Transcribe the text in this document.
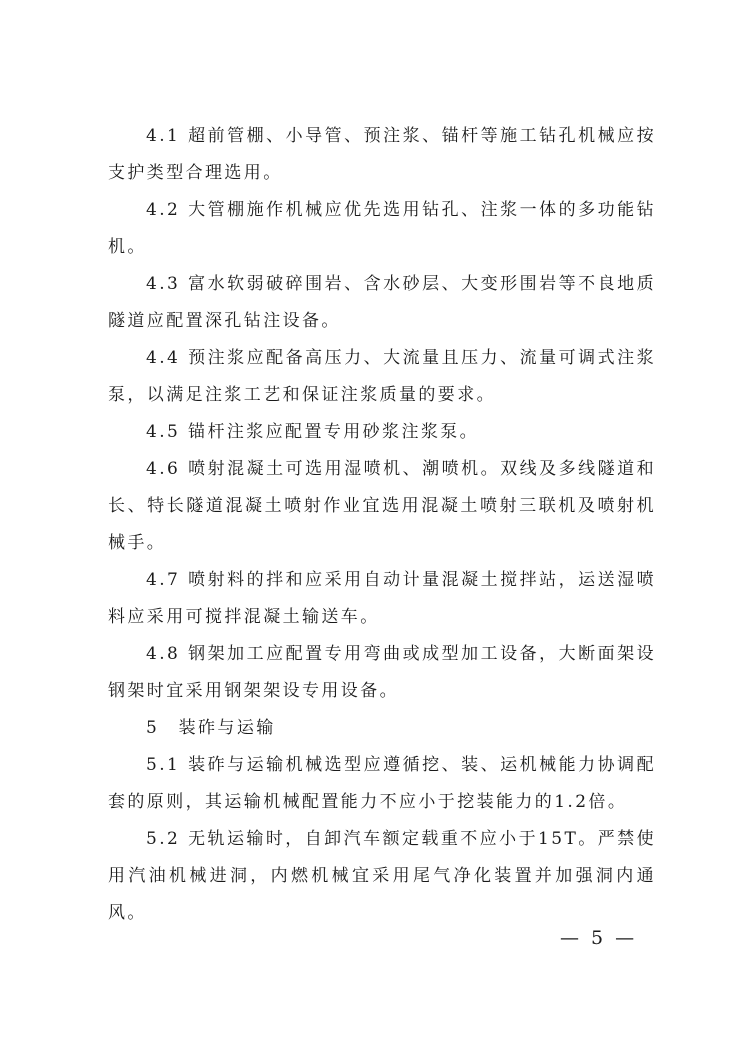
4.1 超前管棚、小导管、预注浆、锚杆等施工钻孔机械应按支护类型合理选用。

4.2 大管棚施作机械应优先选用钻孔、注浆一体的多功能钻机。

4.3 富水软弱破碎围岩、含水砂层、大变形围岩等不良地质隧道应配置深孔钻注设备。

4.4 预注浆应配备高压力、大流量且压力、流量可调式注浆泵，以满足注浆工艺和保证注浆质量的要求。

4.5 锚杆注浆应配置专用砂浆注浆泵。

4.6 喷射混凝土可选用湿喷机、潮喷机。双线及多线隧道和长、特长隧道混凝土喷射作业宜选用混凝土喷射三联机及喷射机械手。

4.7 喷射料的拌和应采用自动计量混凝土搅拌站，运送湿喷料应采用可搅拌混凝土输送车。

4.8 钢架加工应配置专用弯曲或成型加工设备，大断面架设钢架时宜采用钢架架设专用设备。

5　装砟与运输

5.1 装砟与运输机械选型应遵循挖、装、运机械能力协调配套的原则，其运输机械配置能力不应小于挖装能力的1.2倍。

5.2 无轨运输时，自卸汽车额定载重不应小于15T。严禁使用汽油机械进洞，内燃机械宜采用尾气净化装置并加强洞内通风。

— 5 —
